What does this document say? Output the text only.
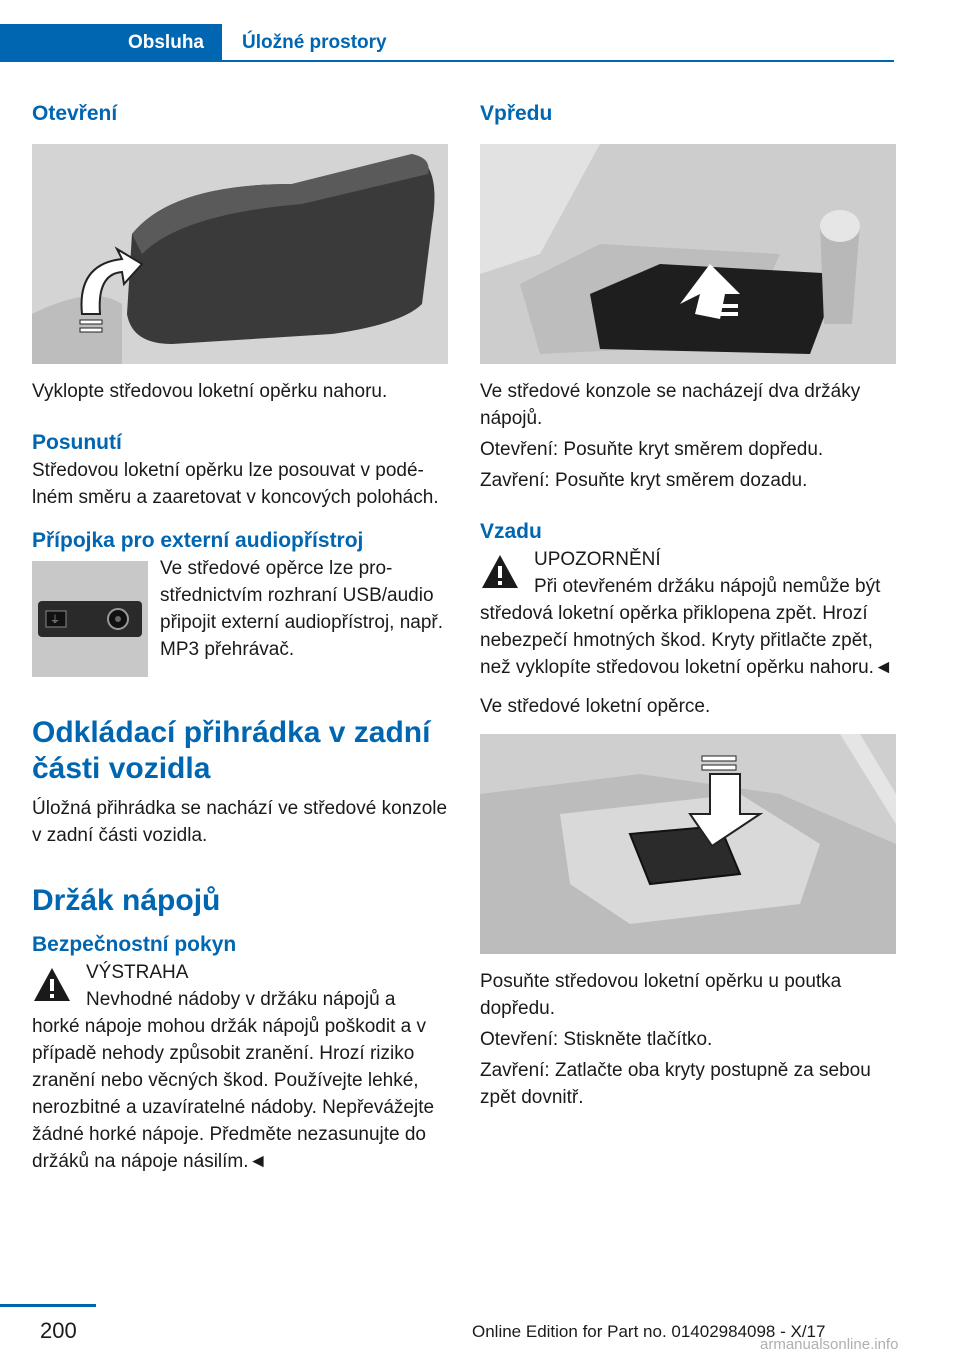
Obsluha	Úložné prostory
Otevření

Vyklopte středovou loketní opěrku nahoru.

Posunutí

Středovou loketní opěrku lze posouvat v podélném směru a zaaretovat v koncových polohách.

Přípojka pro externí audiopřístroj
⏚

Ve středové opěrce lze prostřednictvím rozhraní USB/audio připojit externí audiopřístroj, např. MP3 přehrávač.

Odkládací přihrádka v zadní části vozidla

Úložná přihrádka se nachází ve středové konzole v zadní části vozidla.

Držák nápojů
Bezpečnostní pokyn
VÝSTRAHA

Nevhodné nádoby v držáku nápojů a horké nápoje mohou držák nápojů poškodit a v případě nehody způsobit zranění. Hrozí riziko zranění nebo věcných škod. Používejte lehké, nerozbitné a uzavíratelné nádoby. Nepřevážejte žádné horké nápoje. Předměte nezasunujte do držáků na nápoje násilím.◄

Vpředu

Ve středové konzole se nacházejí dva držáky nápojů.

Otevření: Posuňte kryt směrem dopředu.

Zavření: Posuňte kryt směrem dozadu.

Vzadu
UPOZORNĚNÍ

Při otevřeném držáku nápojů nemůže být středová loketní opěrka přiklopena zpět. Hrozí nebezpečí hmotných škod. Kryty přitlačte zpět, než vyklopíte středovou loketní opěrku nahoru.◄

Ve středové loketní opěrce.

Posuňte středovou loketní opěrku u poutka dopředu.

Otevření: Stiskněte tlačítko.

Zavření: Zatlačte oba kryty postupně za sebou zpět dovnitř.

200	Online Edition for Part no. 01402984098 - X/17
armanualsonline.info
